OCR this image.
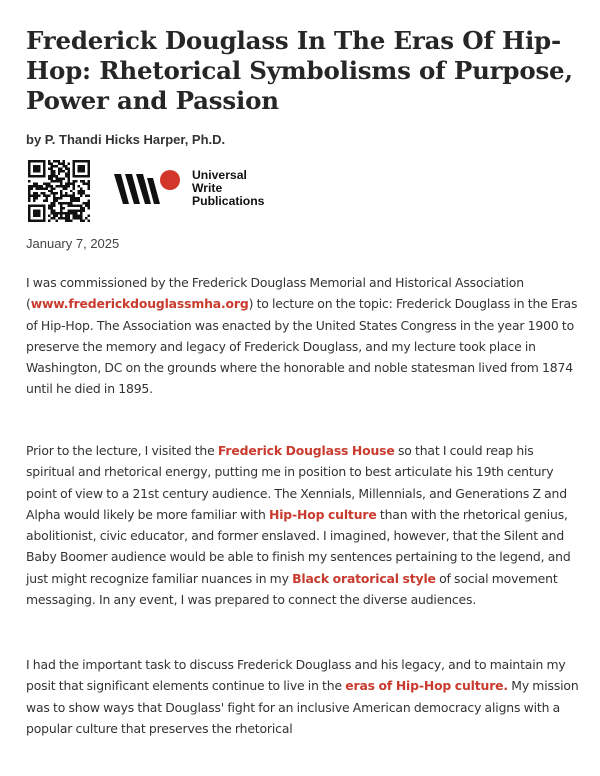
Frederick Douglass In The Eras Of Hip-Hop: Rhetorical Symbolisms of Purpose, Power and Passion

by P. Thandi Hicks Harper, Ph.D.

Universal
Write
Publications

January 7, 2025

I was commissioned by the Frederick Douglass Memorial and Historical Association (www.frederickdouglassmha.org) to lecture on the topic: Frederick Douglass in the Eras of Hip-Hop. The Association was enacted by the United States Congress in the year 1900 to preserve the memory and legacy of Frederick Douglass, and my lecture took place in Washington, DC on the grounds where the honorable and noble statesman lived from 1874 until he died in 1895.

Prior to the lecture, I visited the Frederick Douglass House so that I could reap his spiritual and rhetorical energy, putting me in position to best articulate his 19th century point of view to a 21st century audience. The Xennials, Millennials, and Generations Z and Alpha would likely be more familiar with Hip-Hop culture than with the rhetorical genius, abolitionist, civic educator, and former enslaved. I imagined, however, that the Silent and Baby Boomer audience would be able to finish my sentences pertaining to the legend, and just might recognize familiar nuances in my Black oratorical style of social movement messaging. In any event, I was prepared to connect the diverse audiences.

I had the important task to discuss Frederick Douglass and his legacy, and to maintain my posit that significant elements continue to live in the eras of Hip-Hop culture. My mission was to show ways that Douglass' fight for an inclusive American democracy aligns with a popular culture that preserves the rhetorical
